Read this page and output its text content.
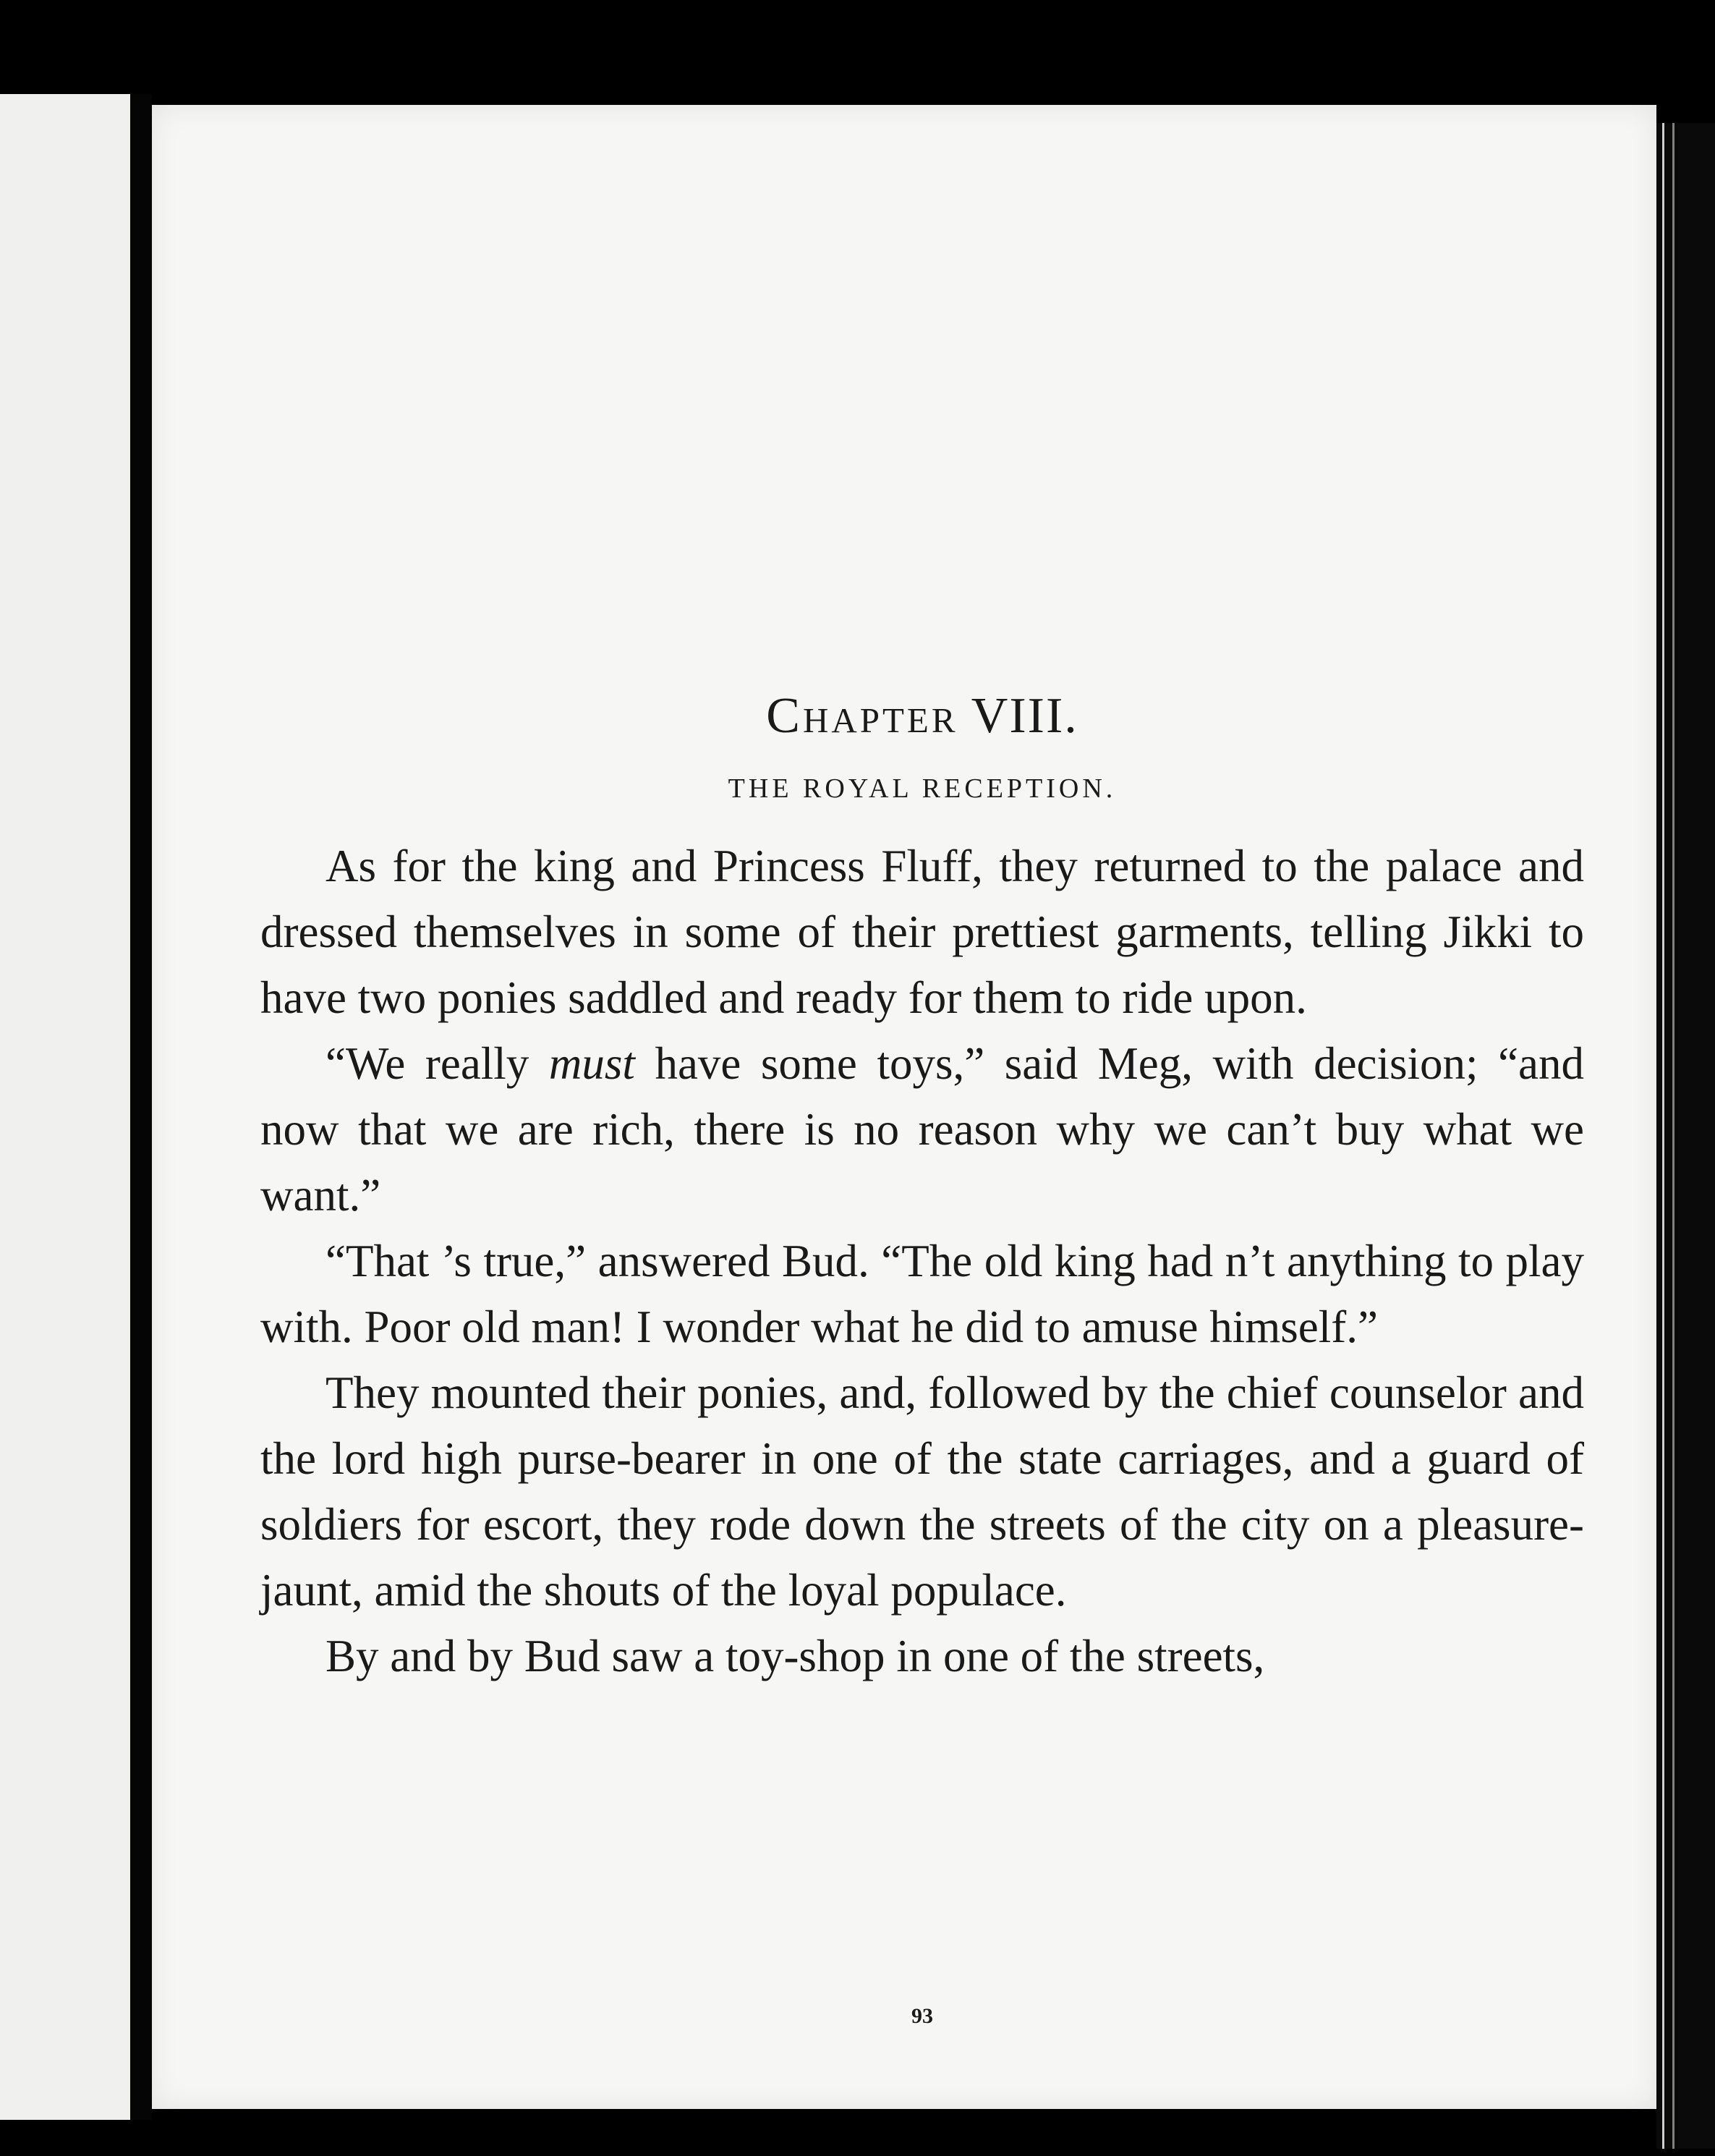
Chapter VIII.
THE ROYAL RECEPTION.

As for the king and Princess Fluff, they returned to the palace and dressed themselves in some of their prettiest garments, telling Jikki to have two ponies saddled and ready for them to ride upon.

“We really must have some toys,” said Meg, with decision; “and now that we are rich, there is no reason why we can’t buy what we want.”

“That ’s true,” answered Bud. “The old king had n’t anything to play with. Poor old man! I wonder what he did to amuse himself.”

They mounted their ponies, and, followed by the chief counselor and the lord high purse-bearer in one of the state carriages, and a guard of soldiers for escort, they rode down the streets of the city on a pleasure-jaunt, amid the shouts of the loyal populace.

By and by Bud saw a toy-shop in one of the streets,

93
